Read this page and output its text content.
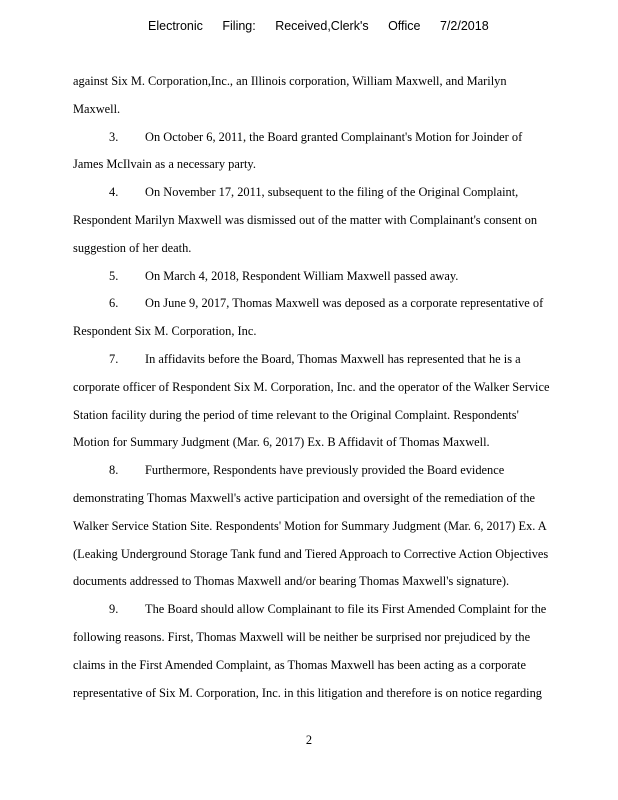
Electronic Filing: Received,Clerk's Office 7/2/2018
against Six M. Corporation,Inc., an Illinois corporation, William Maxwell, and Marilyn
Maxwell.
3. On October 6, 2011, the Board granted Complainant's Motion for Joinder of
James McIlvain as a necessary party.
4. On November 17, 2011, subsequent to the filing of the Original Complaint,
Respondent Marilyn Maxwell was dismissed out of the matter with Complainant's consent on
suggestion of her death.
5. On March 4, 2018, Respondent William Maxwell passed away.
6. On June 9, 2017, Thomas Maxwell was deposed as a corporate representative of
Respondent Six M. Corporation, Inc.
7. In affidavits before the Board, Thomas Maxwell has represented that he is a
corporate officer of Respondent Six M. Corporation, Inc. and the operator of the Walker Service
Station facility during the period of time relevant to the Original Complaint. Respondents'
Motion for Summary Judgment (Mar. 6, 2017) Ex. B Affidavit of Thomas Maxwell.
8. Furthermore, Respondents have previously provided the Board evidence
demonstrating Thomas Maxwell's active participation and oversight of the remediation of the
Walker Service Station Site. Respondents' Motion for Summary Judgment (Mar. 6, 2017) Ex. A
(Leaking Underground Storage Tank fund and Tiered Approach to Corrective Action Objectives
documents addressed to Thomas Maxwell and/or bearing Thomas Maxwell's signature).
9. The Board should allow Complainant to file its First Amended Complaint for the
following reasons. First, Thomas Maxwell will be neither be surprised nor prejudiced by the
claims in the First Amended Complaint, as Thomas Maxwell has been acting as a corporate
representative of Six M. Corporation, Inc. in this litigation and therefore is on notice regarding
2
